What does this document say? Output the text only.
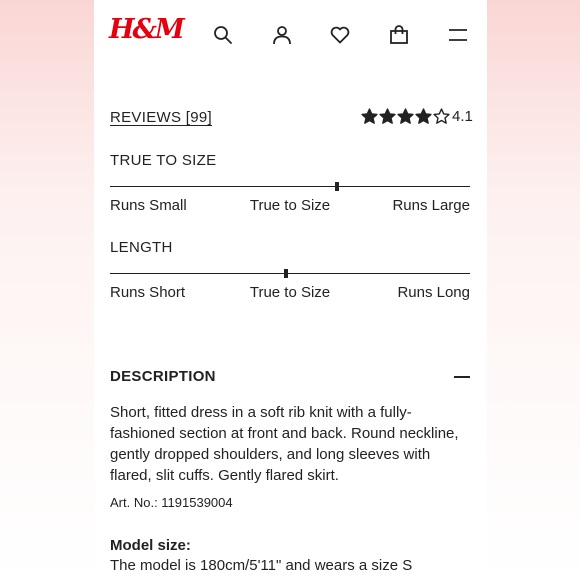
H&M
REVIEWS [99]	4.1
TRUE TO SIZE
Runs Small	True to Size	Runs Large
LENGTH
Runs Short	True to Size	Runs Long
DESCRIPTION

Short, fitted dress in a soft rib knit with a fully-fashioned section at front and back. Round neckline, gently dropped shoulders, and long sleeves with flared, slit cuffs. Gently flared skirt.

Art. No.: 1191539004
Model size:
The model is 180cm/5'11" and wears a size S
